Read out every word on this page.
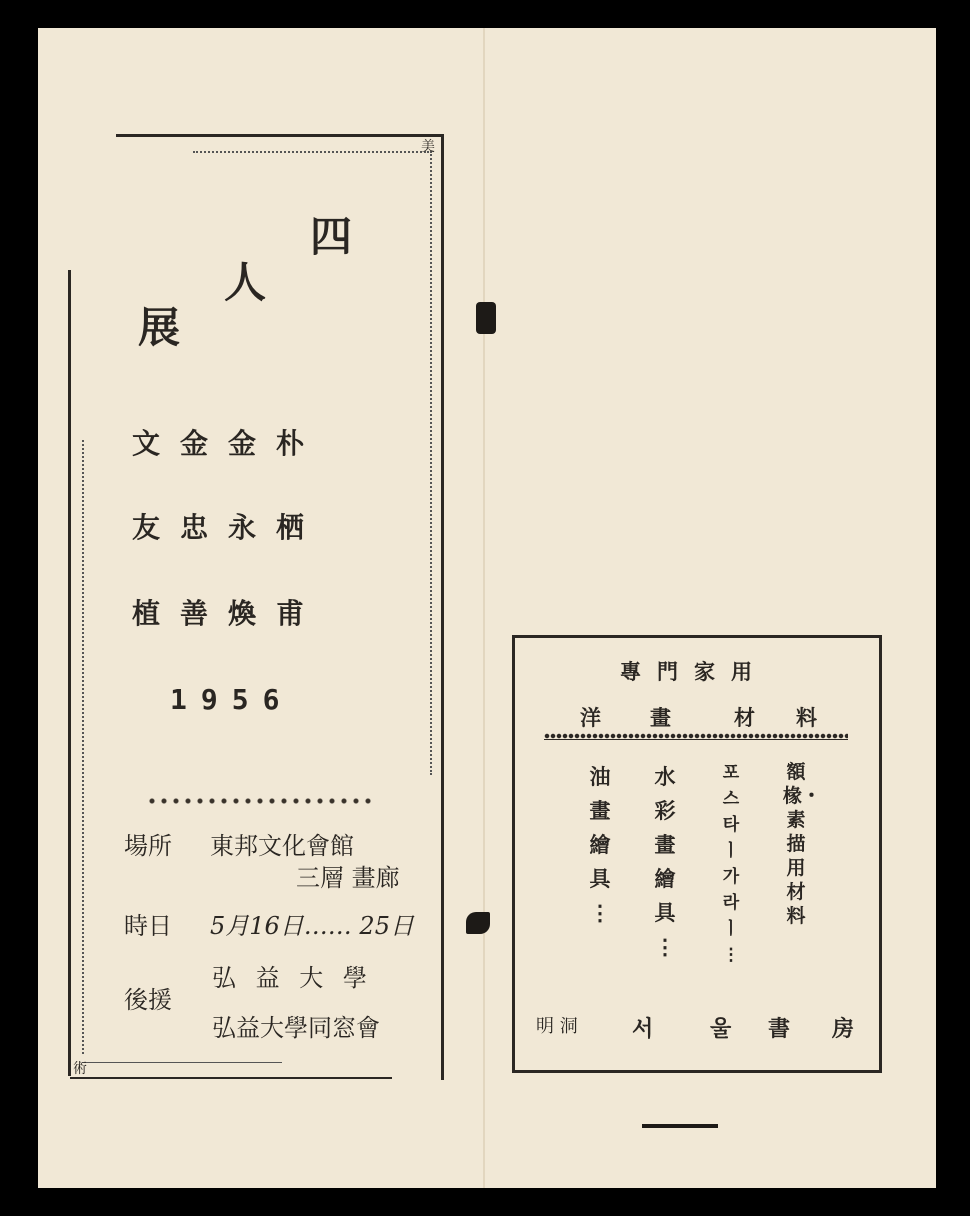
美
術
四
人
展
文金金朴
友忠永栖
植善煥甫
1956
場所 東邦文化會館
三層 畫廊
時日 5月16日…… 25日
後援
弘 益 大 學
弘益大學同窓會
專門家用
洋 畫	材 料
油畫繪具⋮
水彩畫繪具⋮
포스타ㅣ가라ㅣ⋮
額椽・素描用材料
明 洞 서	울 書 房
